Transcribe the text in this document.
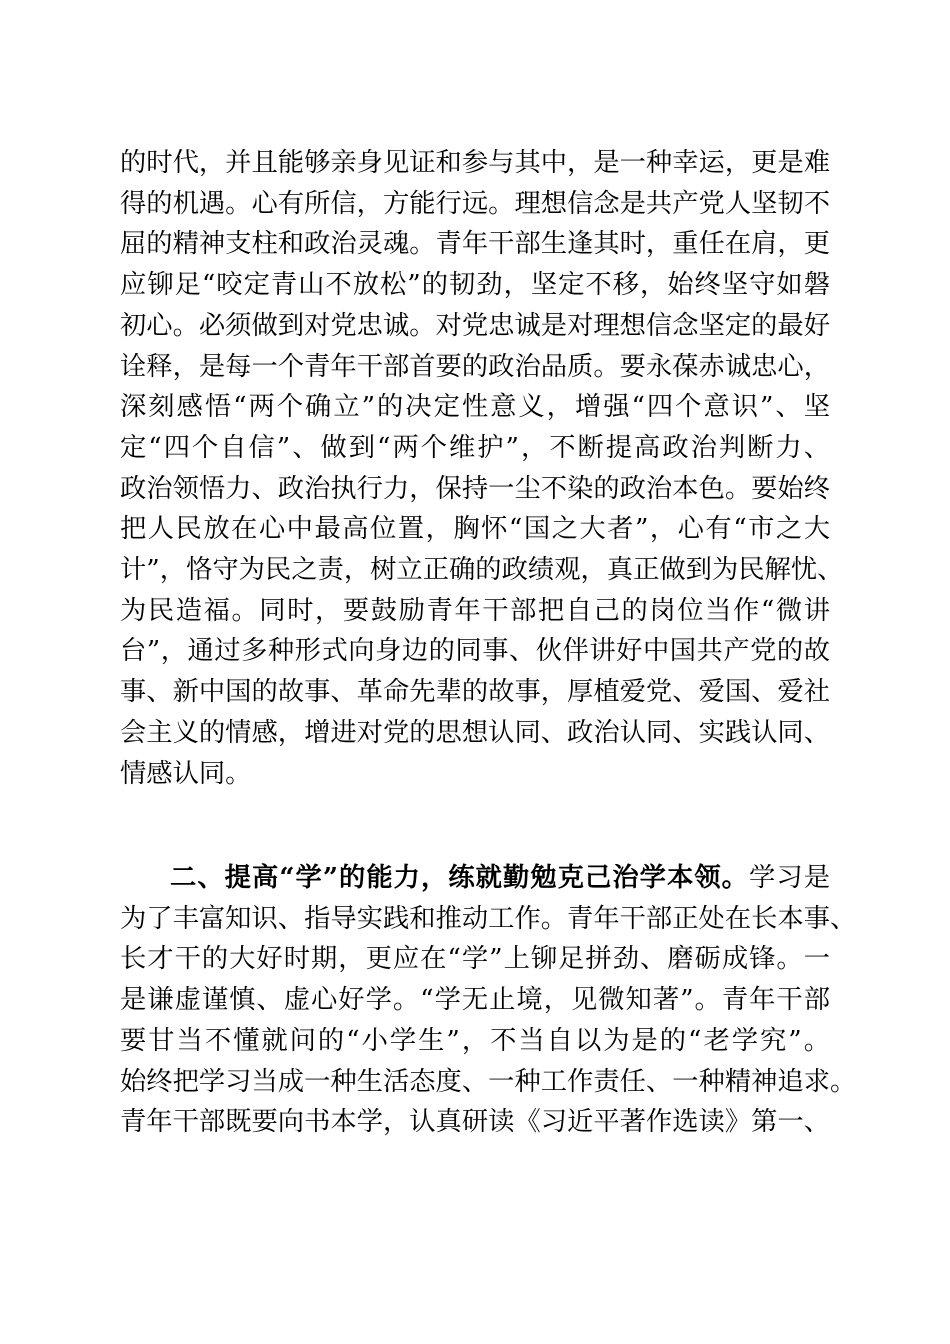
的时代，并且能够亲身见证和参与其中，是一种幸运，更是难
得的机遇。心有所信，方能行远。理想信念是共产党人坚韧不
屈的精神支柱和政治灵魂。青年干部生逢其时，重任在肩，更
应铆足“咬定青山不放松”的韧劲，坚定不移，始终坚守如磐
初心。必须做到对党忠诚。对党忠诚是对理想信念坚定的最好
诠释，是每一个青年干部首要的政治品质。要永葆赤诚忠心，
深刻感悟“两个确立”的决定性意义，增强“四个意识”、坚
定“四个自信”、做到“两个维护”，不断提高政治判断力、
政治领悟力、政治执行力，保持一尘不染的政治本色。要始终
把人民放在心中最高位置，胸怀“国之大者”，心有“市之大
计”，恪守为民之责，树立正确的政绩观，真正做到为民解忧、
为民造福。同时，要鼓励青年干部把自己的岗位当作“微讲
台”，通过多种形式向身边的同事、伙伴讲好中国共产党的故
事、新中国的故事、革命先辈的故事，厚植爱党、爱国、爱社
会主义的情感，增进对党的思想认同、政治认同、实践认同、
情感认同。
二、提高“学”的能力，练就勤勉克己治学本领。学习是
为了丰富知识、指导实践和推动工作。青年干部正处在长本事、
长才干的大好时期，更应在“学”上铆足拼劲、磨砺成锋。一
是谦虚谨慎、虚心好学。“学无止境，见微知著”。青年干部
要甘当不懂就问的“小学生”，不当自以为是的“老学究”。
始终把学习当成一种生活态度、一种工作责任、一种精神追求。
青年干部既要向书本学，认真研读《习近平著作选读》第一、
